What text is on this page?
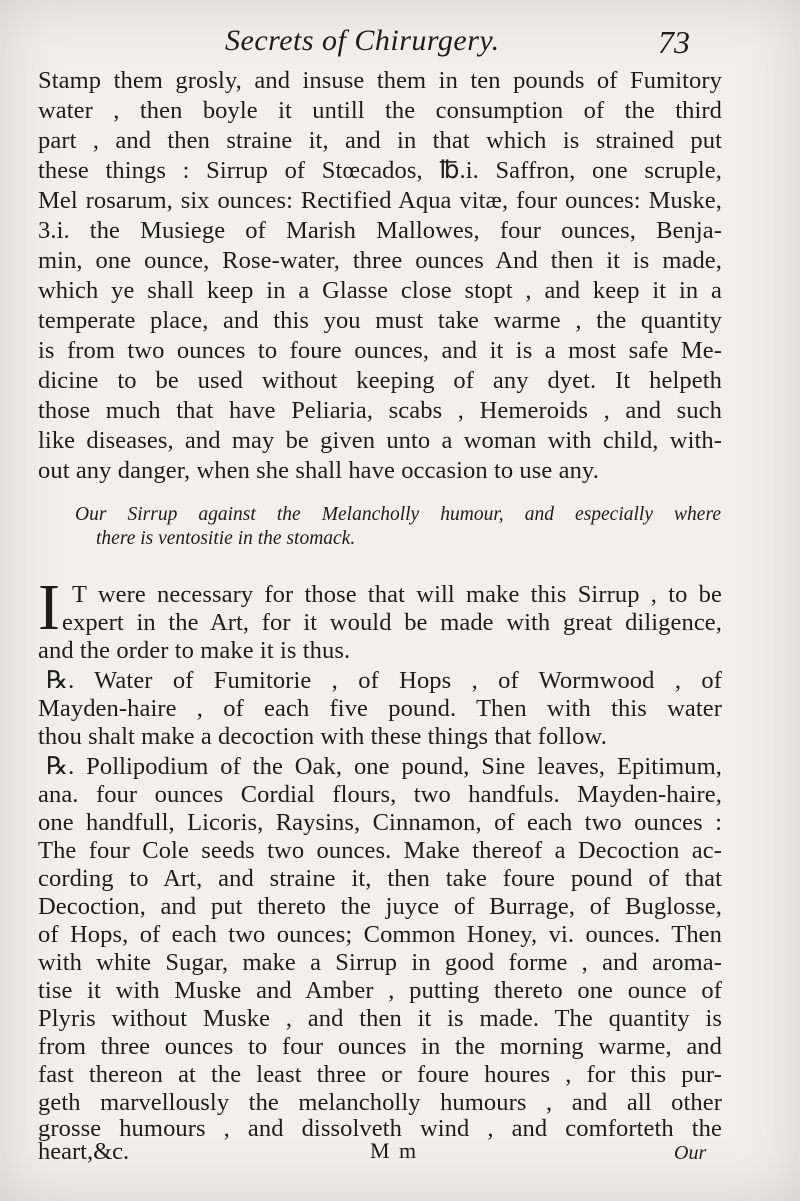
Secrets of Chirurgery.	73
Stamp them grosly, and insuse them in ten pounds of Fumitory
water , then boyle it untill the consumption of the third
part , and then straine it, and in that which is strained put
these things : Sirrup of Stœcados, ℔.i. Saffron, one scruple,
Mel rosarum, six ounces: Rectified Aqua vitæ, four ounces: Muske,
3.i. the Musiege of Marish Mallowes, four ounces, Benja-
min, one ounce, Rose-water, three ounces And then it is made,
which ye shall keep in a Glasse close stopt , and keep it in a
temperate place, and this you must take warme , the quantity
is from two ounces to foure ounces, and it is a most safe Me-
dicine to be used without keeping of any dyet. It helpeth
those much that have Peliaria, scabs , Hemeroids , and such
like diseases, and may be given unto a woman with child, with-
out any danger, when she shall have occasion to use any.
Our Sirrup against the Melancholly humour, and especially where
there is ventositie in the stomack.
I T were necessary for those that will make this Sirrup , to be
expert in the Art, for it would be made with great diligence,
and the order to make it is thus.
℞. Water of Fumitorie , of Hops , of Wormwood , of
Mayden-haire , of each five pound. Then with this water
thou shalt make a decoction with these things that follow.
℞. Pollipodium of the Oak, one pound, Sine leaves, Epitimum,
ana. four ounces Cordial flours, two handfuls. Mayden-haire,
one handfull, Licoris, Raysins, Cinnamon, of each two ounces :
The four Cole seeds two ounces. Make thereof a Decoction ac-
cording to Art, and straine it, then take foure pound of that
Decoction, and put thereto the juyce of Burrage, of Buglosse,
of Hops, of each two ounces; Common Honey, vi. ounces. Then
with white Sugar, make a Sirrup in good forme , and aroma-
tise it with Muske and Amber , putting thereto one ounce of
Plyris without Muske , and then it is made. The quantity is
from three ounces to four ounces in the morning warme, and
fast thereon at the least three or foure houres , for this pur-
geth marvellously the melancholly humours , and all other
grosse humours , and dissolveth wind , and comforteth the
heart,&c.	M m	Our
